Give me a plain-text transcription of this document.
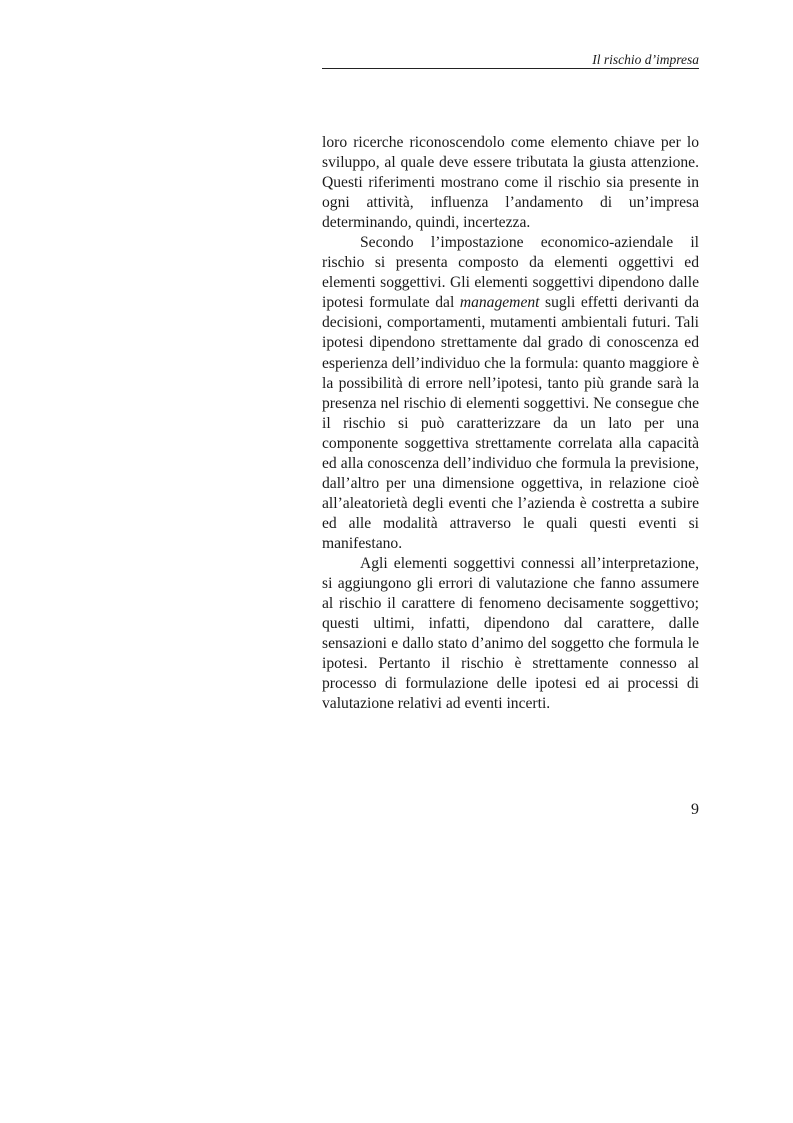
Il rischio d’impresa

loro ricerche riconoscendolo come elemento chiave per lo sviluppo, al quale deve essere tributata la giusta attenzione. Questi riferimenti mostrano come il rischio sia presente in ogni attività, influenza l’andamento di un’impresa determinando, quindi, incertezza.

Secondo l’impostazione economico-aziendale il rischio si presenta composto da elementi oggettivi ed elementi soggettivi. Gli elementi soggettivi dipendono dalle ipotesi formulate dal management sugli effetti derivanti da decisioni, comportamenti, mutamenti ambientali futuri. Tali ipotesi dipendono strettamente dal grado di conoscenza ed esperienza dell’individuo che la formula: quanto maggiore è la possibilità di errore nell’ipotesi, tanto più grande sarà la presenza nel rischio di elementi soggettivi. Ne consegue che il rischio si può caratterizzare da un lato per una componente soggettiva strettamente correlata alla capacità ed alla conoscenza dell’individuo che formula la previsione, dall’altro per una dimensione oggettiva, in relazione cioè all’aleatorietà degli eventi che l’azienda è costretta a subire ed alle modalità attraverso le quali questi eventi si manifestano.

Agli elementi soggettivi connessi all’interpretazione, si aggiungono gli errori di valutazione che fanno assumere al rischio il carattere di fenomeno decisamente soggettivo; questi ultimi, infatti, dipendono dal carattere, dalle sensazioni e dallo stato d’animo del soggetto che formula le ipotesi. Pertanto il rischio è strettamente connesso al processo di formulazione delle ipotesi ed ai processi di valutazione relativi ad eventi incerti.

9
